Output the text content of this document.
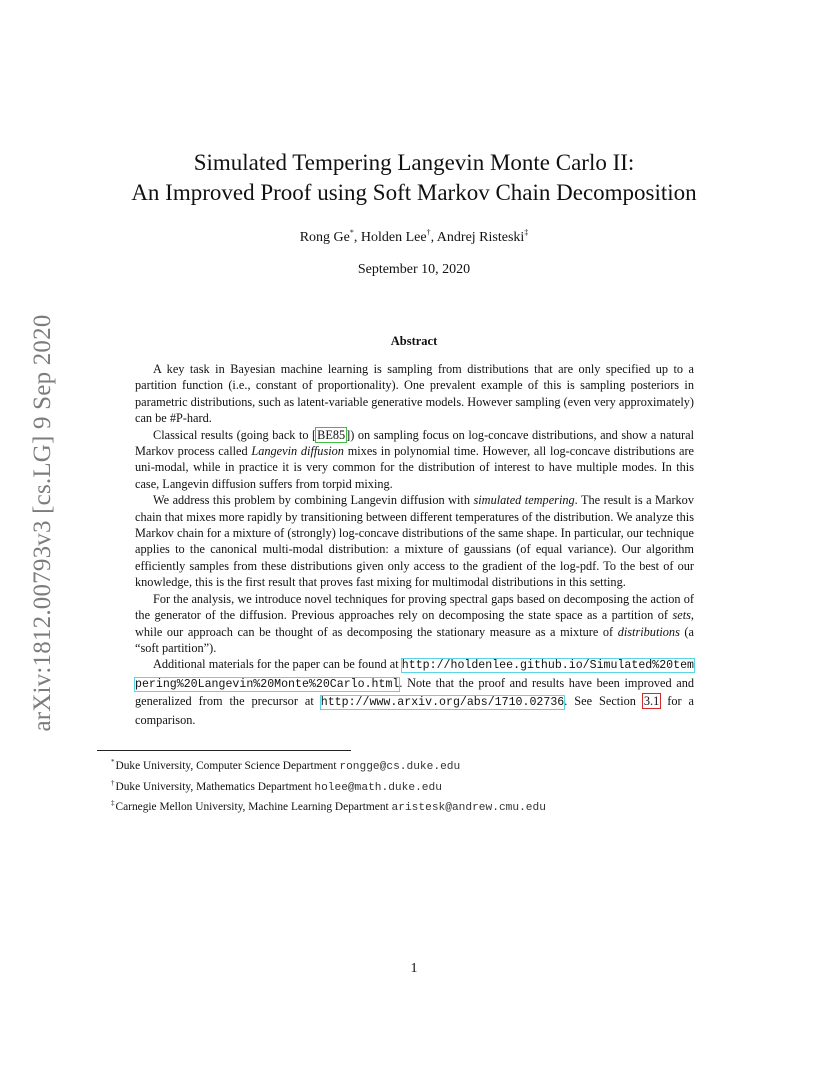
arXiv:1812.00793v3 [cs.LG] 9 Sep 2020
Simulated Tempering Langevin Monte Carlo II:
An Improved Proof using Soft Markov Chain Decomposition
Rong Ge*, Holden Lee†, Andrej Risteski‡
September 10, 2020
Abstract

A key task in Bayesian machine learning is sampling from distributions that are only specified up to a partition function (i.e., constant of proportionality). One prevalent example of this is sampling posteriors in parametric distributions, such as latent-variable generative models. However sampling (even very approximately) can be #P-hard.

Classical results (going back to [BE85]) on sampling focus on log-concave distributions, and show a natural Markov process called Langevin diffusion mixes in polynomial time. However, all log-concave distributions are uni-modal, while in practice it is very common for the distribution of interest to have multiple modes. In this case, Langevin diffusion suffers from torpid mixing.

We address this problem by combining Langevin diffusion with simulated tempering. The result is a Markov chain that mixes more rapidly by transitioning between different temperatures of the distribution. We analyze this Markov chain for a mixture of (strongly) log-concave distributions of the same shape. In particular, our technique applies to the canonical multi-modal distribution: a mixture of gaussians (of equal variance). Our algorithm efficiently samples from these distributions given only access to the gradient of the log-pdf. To the best of our knowledge, this is the first result that proves fast mixing for multimodal distributions in this setting.

For the analysis, we introduce novel techniques for proving spectral gaps based on decomposing the action of the generator of the diffusion. Previous approaches rely on decomposing the state space as a partition of sets, while our approach can be thought of as decomposing the stationary measure as a mixture of distributions (a “soft partition”).

Additional materials for the paper can be found at http://holdenlee.github.io/Simulated%20tempering%20Langevin%20Monte%20Carlo.html. Note that the proof and results have been improved and generalized from the precursor at http://www.arxiv.org/abs/1710.02736. See Section 3.1 for a comparison.

*Duke University, Computer Science Department rongge@cs.duke.edu
†Duke University, Mathematics Department holee@math.duke.edu
‡Carnegie Mellon University, Machine Learning Department aristesk@andrew.cmu.edu
1
